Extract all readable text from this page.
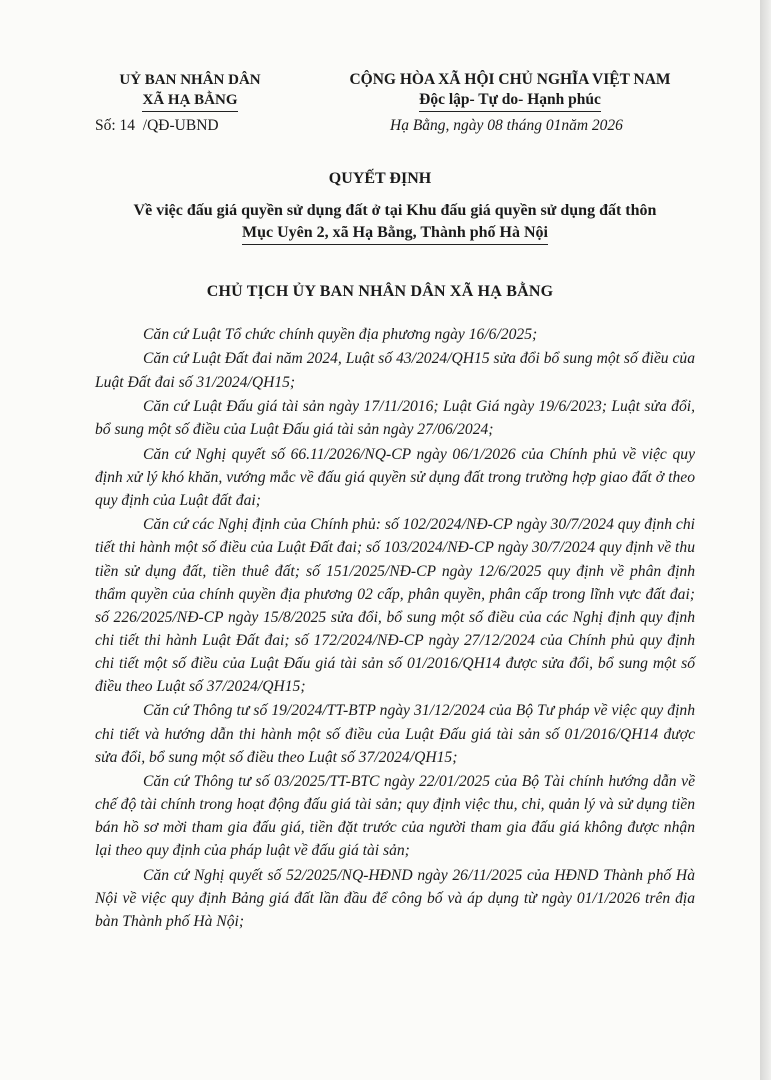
UỶ BAN NHÂN DÂN
XÃ HẠ BẰNG
CỘNG HÒA XÃ HỘI CHỦ NGHĨA VIỆT NAM
Độc lập- Tự do- Hạnh phúc
Số: 14  /QĐ-UBND	Hạ Bằng, ngày 08 tháng 01năm 2026
QUYẾT ĐỊNH
Về việc đấu giá quyền sử dụng đất ở tại Khu đấu giá quyền sử dụng đất thôn
Mục Uyên 2, xã Hạ Bằng, Thành phố Hà Nội
CHỦ TỊCH ỦY BAN NHÂN DÂN XÃ HẠ BẰNG

Căn cứ Luật Tổ chức chính quyền địa phương ngày 16/6/2025;

Căn cứ Luật Đất đai năm 2024, Luật số 43/2024/QH15 sửa đổi bổ sung một số điều của Luật Đất đai số 31/2024/QH15;

Căn cứ Luật Đấu giá tài sản ngày 17/11/2016; Luật Giá ngày 19/6/2023; Luật sửa đổi, bổ sung một số điều của Luật Đấu giá tài sản ngày 27/06/2024;

Căn cứ Nghị quyết số 66.11/2026/NQ-CP ngày 06/1/2026 của Chính phủ về việc quy định xử lý khó khăn, vướng mắc về đấu giá quyền sử dụng đất trong trường hợp giao đất ở theo quy định của Luật đất đai;

Căn cứ các Nghị định của Chính phủ: số 102/2024/NĐ-CP ngày 30/7/2024 quy định chi tiết thi hành một số điều của Luật Đất đai; số 103/2024/NĐ-CP ngày 30/7/2024 quy định về thu tiền sử dụng đất, tiền thuê đất; số 151/2025/NĐ-CP ngày 12/6/2025 quy định về phân định thẩm quyền của chính quyền địa phương 02 cấp, phân quyền, phân cấp trong lĩnh vực đất đai; số 226/2025/NĐ-CP ngày 15/8/2025 sửa đổi, bổ sung một số điều của các Nghị định quy định chi tiết thi hành Luật Đất đai; số 172/2024/NĐ-CP ngày 27/12/2024 của Chính phủ quy định chi tiết một số điều của Luật Đấu giá tài sản số 01/2016/QH14 được sửa đổi, bổ sung một số điều theo Luật số 37/2024/QH15;

Căn cứ Thông tư số 19/2024/TT-BTP ngày 31/12/2024 của Bộ Tư pháp về việc quy định chi tiết và hướng dẫn thi hành một số điều của Luật Đấu giá tài sản số 01/2016/QH14 được sửa đổi, bổ sung một số điều theo Luật số 37/2024/QH15;

Căn cứ Thông tư số 03/2025/TT-BTC ngày 22/01/2025 của Bộ Tài chính hướng dẫn về chế độ tài chính trong hoạt động đấu giá tài sản; quy định việc thu, chi, quản lý và sử dụng tiền bán hồ sơ mời tham gia đấu giá, tiền đặt trước của người tham gia đấu giá không được nhận lại theo quy định của pháp luật về đấu giá tài sản;

Căn cứ Nghị quyết số 52/2025/NQ-HĐND ngày 26/11/2025 của HĐND Thành phố Hà Nội về việc quy định Bảng giá đất lần đầu để công bố và áp dụng từ ngày 01/1/2026 trên địa bàn Thành phố Hà Nội;
